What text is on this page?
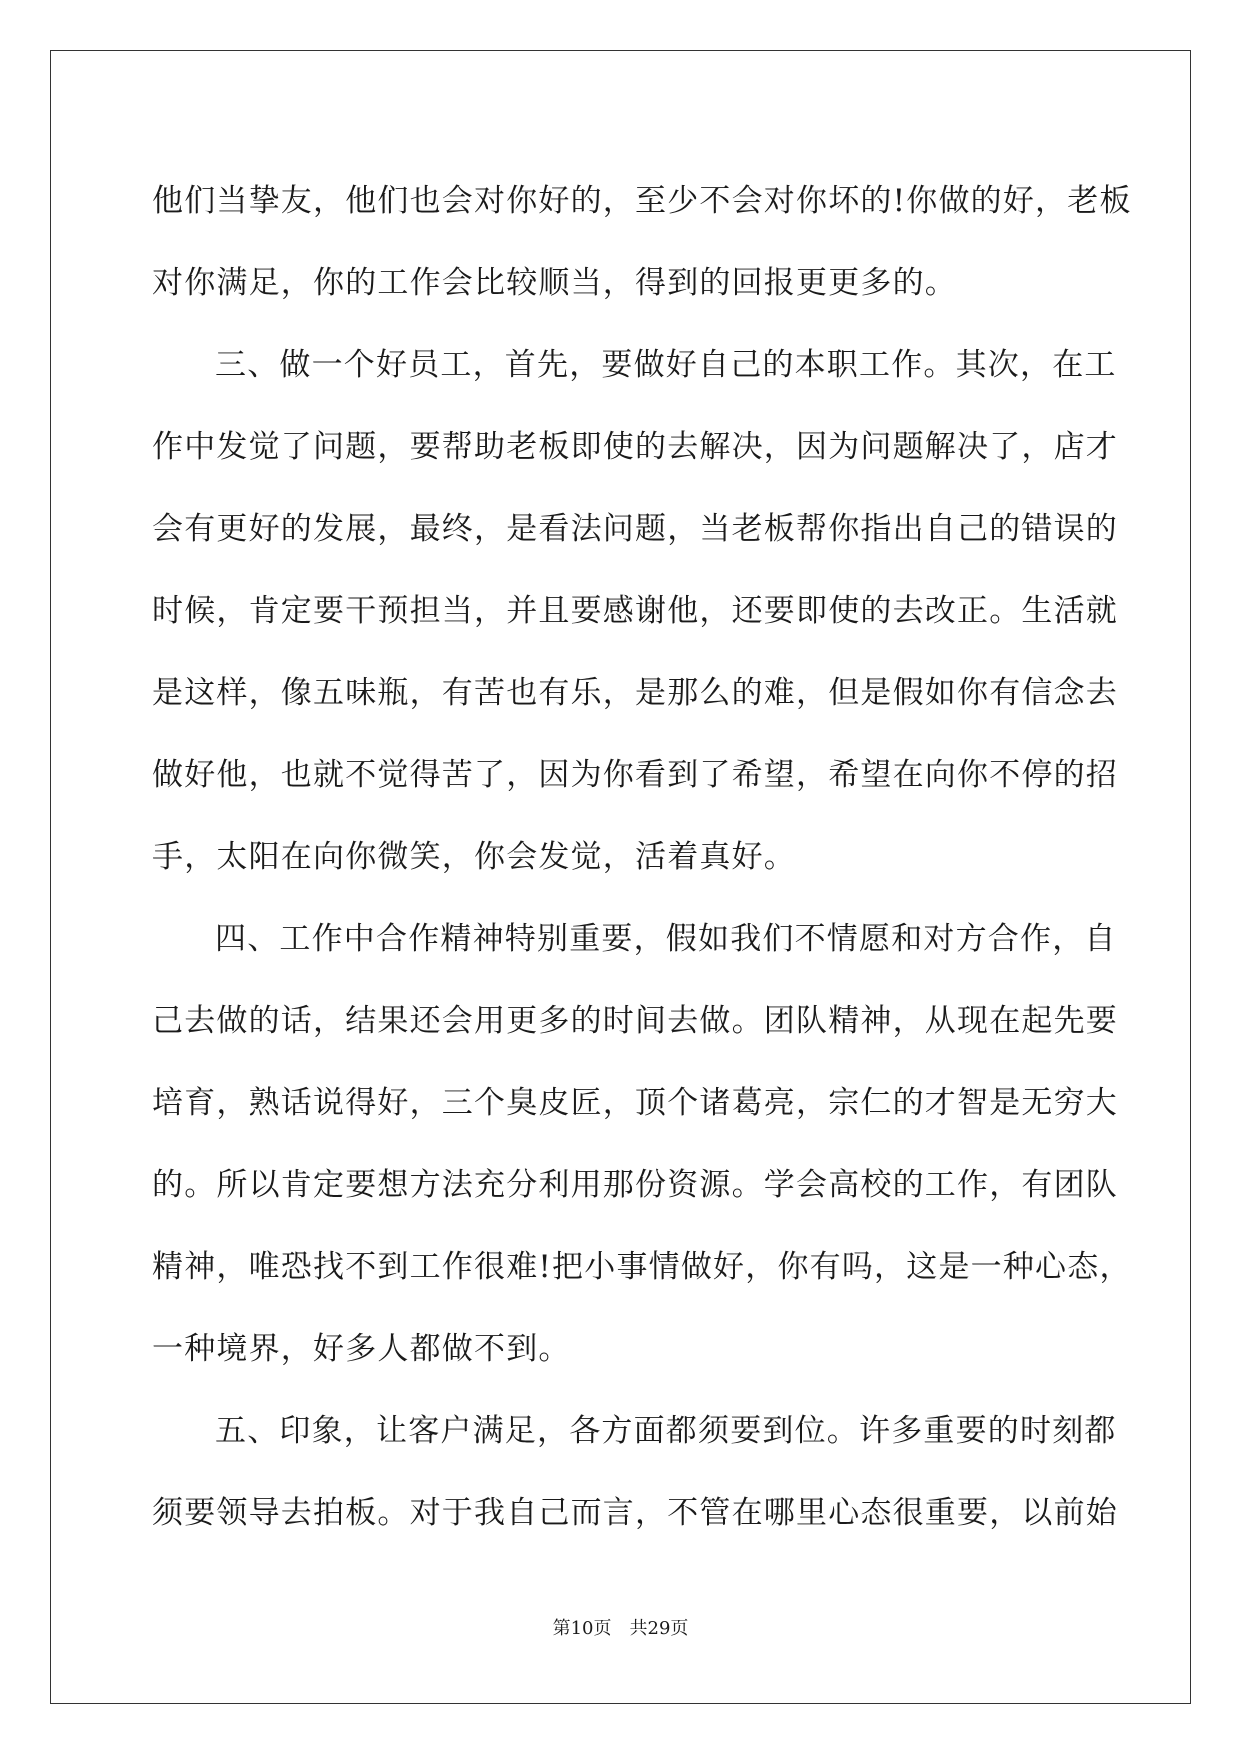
他们当挚友，他们也会对你好的，至少不会对你坏的!你做的好，老板
对你满足，你的工作会比较顺当，得到的回报更更多的。
三、做一个好员工，首先，要做好自己的本职工作。其次，在工
作中发觉了问题，要帮助老板即使的去解决，因为问题解决了，店才
会有更好的发展，最终，是看法问题，当老板帮你指出自己的错误的
时候，肯定要干预担当，并且要感谢他，还要即使的去改正。生活就
是这样，像五味瓶，有苦也有乐，是那么的难，但是假如你有信念去
做好他，也就不觉得苦了，因为你看到了希望，希望在向你不停的招
手，太阳在向你微笑，你会发觉，活着真好。
四、工作中合作精神特别重要，假如我们不情愿和对方合作，自
己去做的话，结果还会用更多的时间去做。团队精神，从现在起先要
培育，熟话说得好，三个臭皮匠，顶个诸葛亮，宗仁的才智是无穷大
的。所以肯定要想方法充分利用那份资源。学会高校的工作，有团队
精神，唯恐找不到工作很难!把小事情做好，你有吗，这是一种心态，
一种境界，好多人都做不到。
五、印象，让客户满足，各方面都须要到位。许多重要的时刻都
须要领导去拍板。对于我自己而言，不管在哪里心态很重要，以前始
第10页　共29页
